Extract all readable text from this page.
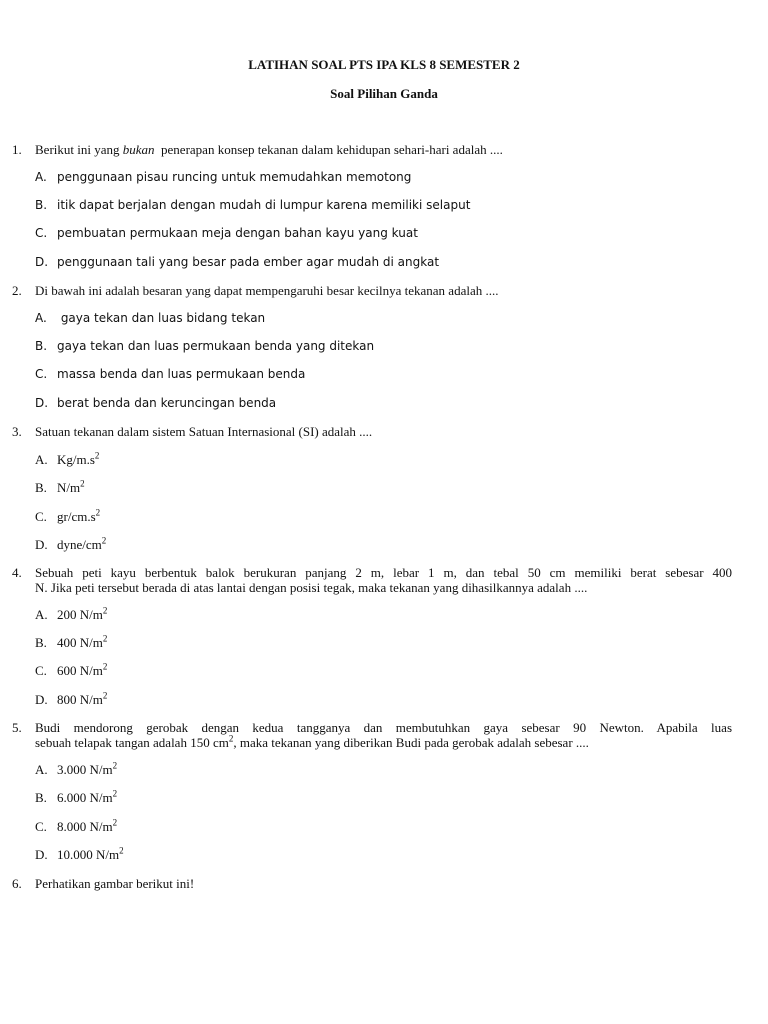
LATIHAN SOAL PTS IPA KLS 8 SEMESTER 2
Soal Pilihan Ganda
1. Berikut ini yang bukan  penerapan konsep tekanan dalam kehidupan sehari-hari adalah ....
A. penggunaan pisau runcing untuk memudahkan memotong
B. itik dapat berjalan dengan mudah di lumpur karena memiliki selaput
C. pembuatan permukaan meja dengan bahan kayu yang kuat
D. penggunaan tali yang besar pada ember agar mudah di angkat
2. Di bawah ini adalah besaran yang dapat mempengaruhi besar kecilnya tekanan adalah ....
A. gaya tekan dan luas bidang tekan
B. gaya tekan dan luas permukaan benda yang ditekan
C. massa benda dan luas permukaan benda
D. berat benda dan keruncingan benda
3. Satuan tekanan dalam sistem Satuan Internasional (SI) adalah ....
A. $Kg/m.s^2$
B. $N/m^2$
C. $gr/cm.s^2$
D. dyne/$cm^2$
4. Sebuah peti kayu berbentuk balok berukuran panjang 2 m, lebar 1 m, dan tebal 50 cm memiliki berat sebesar 400
N. Jika peti tersebut berada di atas lantai dengan posisi tegak, maka tekanan yang dihasilkannya adalah ....
A. 200 $N/m^2$
B. 400 $N/m^2$
C. 600 $N/m^2$
D. 800 $N/m^2$
5. Budi mendorong gerobak dengan kedua tangganya dan membutuhkan gaya sebesar 90 Newton. Apabila luas
sebuah telapak tangan adalah 150 $cm^2$, maka tekanan yang diberikan Budi pada gerobak adalah sebesar ....
A. 3.000 $N/m^2$
B. 6.000 $N/m^2$
C. 8.000 $N/m^2$
D. 10.000 $N/m^2$
6. Perhatikan gambar berikut ini!
